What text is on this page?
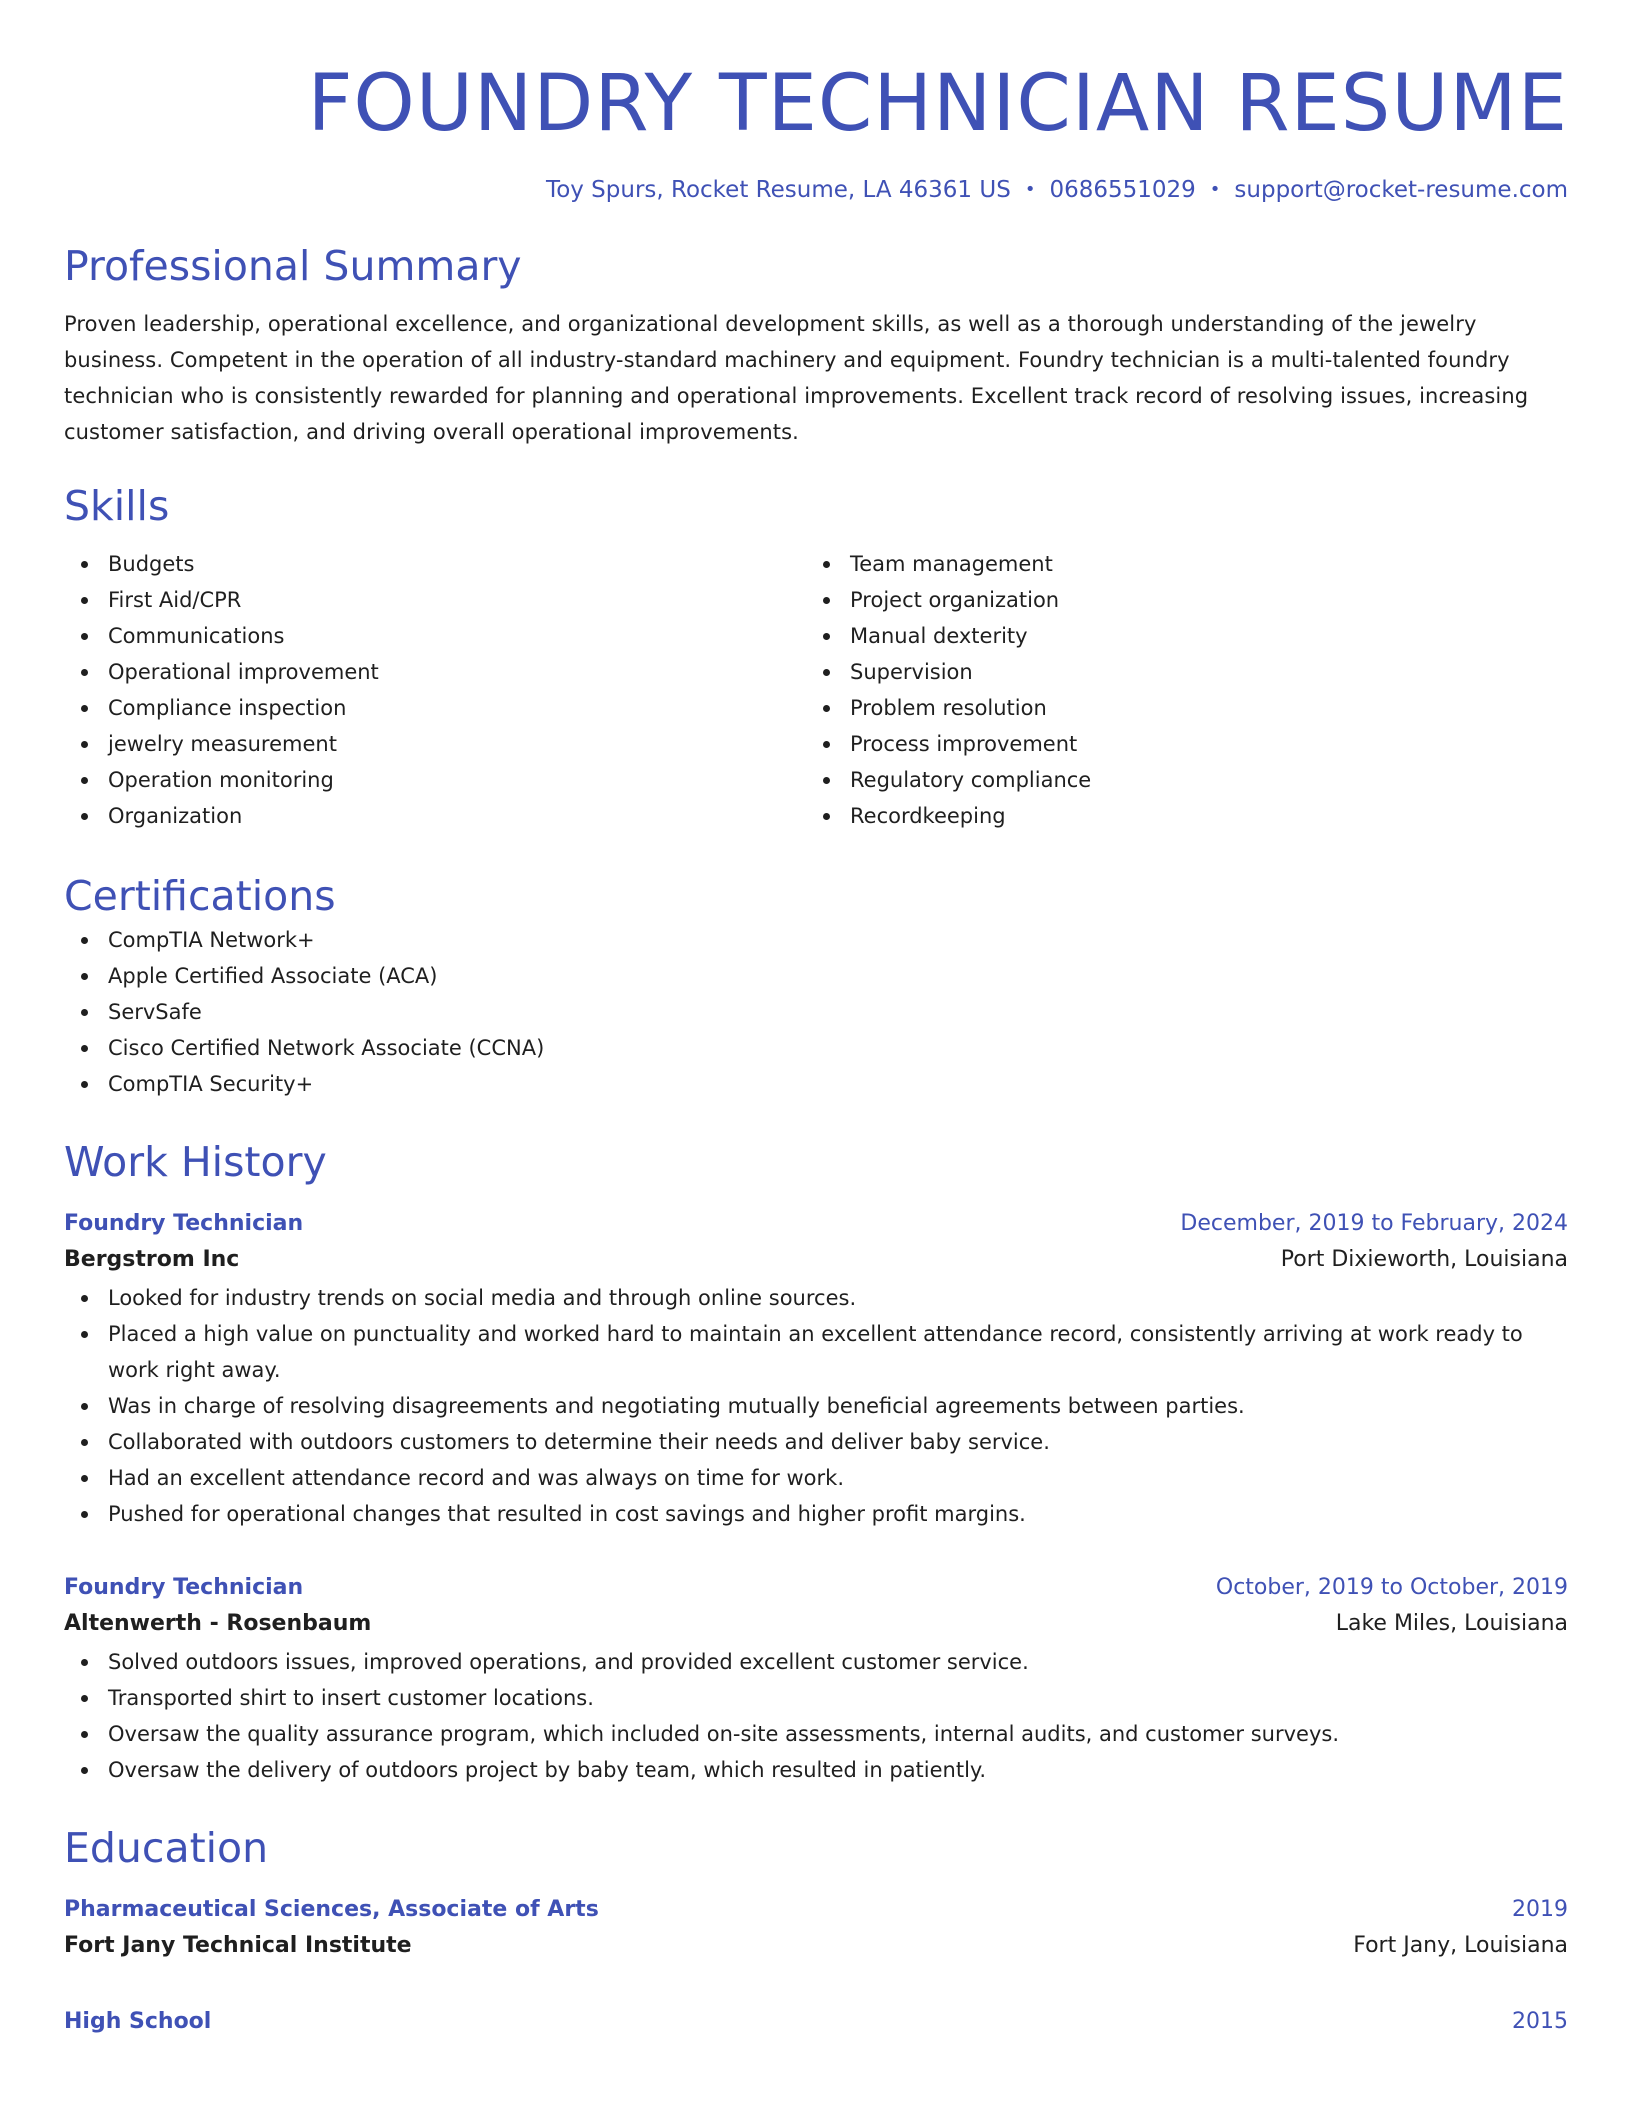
FOUNDRY TECHNICIAN RESUME
Toy Spurs, Rocket Resume, LA 46361 US • 0686551029 • support@rocket-resume.com
Professional Summary

Proven leadership, operational excellence, and organizational development skills, as well as a thorough understanding of the jewelry business. Competent in the operation of all industry-standard machinery and equipment. Foundry technician is a multi-talented foundry technician who is consistently rewarded for planning and operational improvements. Excellent track record of resolving issues, increasing customer satisfaction, and driving overall operational improvements.

Skills
Budgets
First Aid/CPR
Communications
Operational improvement
Compliance inspection
jewelry measurement
Operation monitoring
Organization
Team management
Project organization
Manual dexterity
Supervision
Problem resolution
Process improvement
Regulatory compliance
Recordkeeping
Certifications
CompTIA Network+
Apple Certified Associate (ACA)
ServSafe
Cisco Certified Network Associate (CCNA)
CompTIA Security+
Work History
Foundry Technician	December, 2019 to February, 2024
Bergstrom Inc	Port Dixieworth, Louisiana
Looked for industry trends on social media and through online sources.
Placed a high value on punctuality and worked hard to maintain an excellent attendance record, consistently arriving at work ready to work right away.
Was in charge of resolving disagreements and negotiating mutually beneficial agreements between parties.
Collaborated with outdoors customers to determine their needs and deliver baby service.
Had an excellent attendance record and was always on time for work.
Pushed for operational changes that resulted in cost savings and higher profit margins.
Foundry Technician	October, 2019 to October, 2019
Altenwerth - Rosenbaum	Lake Miles, Louisiana
Solved outdoors issues, improved operations, and provided excellent customer service.
Transported shirt to insert customer locations.
Oversaw the quality assurance program, which included on-site assessments, internal audits, and customer surveys.
Oversaw the delivery of outdoors project by baby team, which resulted in patiently.
Education
Pharmaceutical Sciences, Associate of Arts	2019
Fort Jany Technical Institute	Fort Jany, Louisiana
High School	2015
